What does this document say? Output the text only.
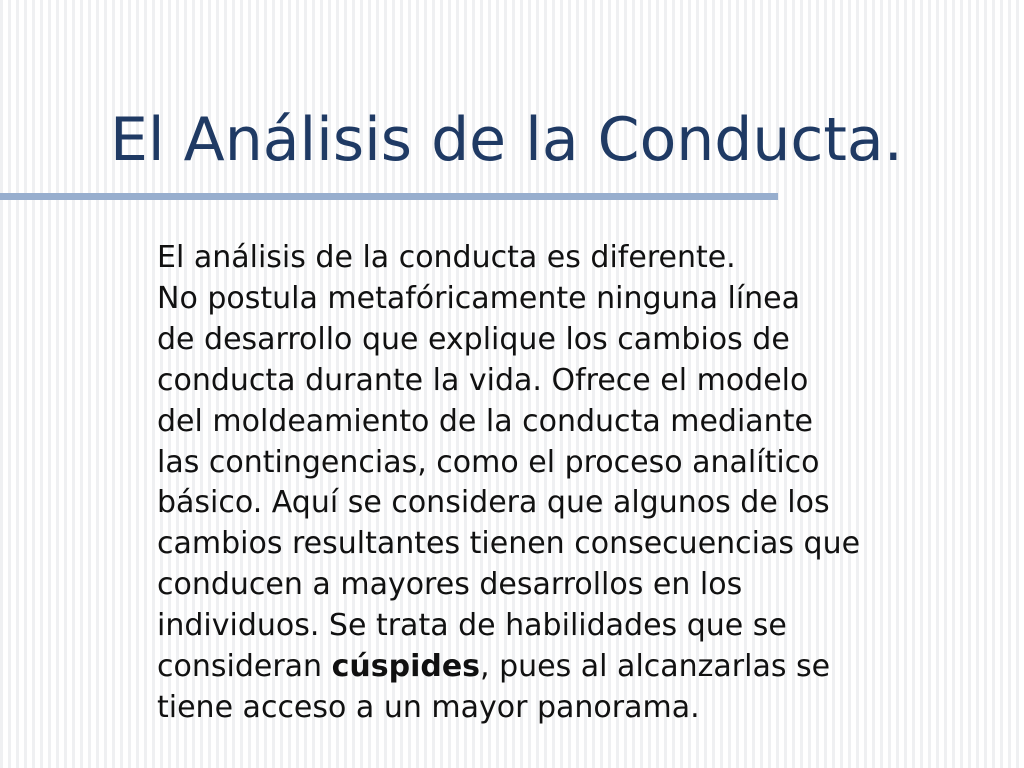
El Análisis de la Conducta.
El análisis de la conducta es diferente.
No postula metafóricamente ninguna línea
de desarrollo que explique los cambios de
conducta durante la vida. Ofrece el modelo
del moldeamiento de la conducta mediante
las contingencias, como el proceso analítico
básico. Aquí se considera que algunos de los
cambios resultantes tienen consecuencias que
conducen a mayores desarrollos en los
individuos. Se trata de habilidades que se
consideran cúspides, pues al alcanzarlas se
tiene acceso a un mayor panorama.
